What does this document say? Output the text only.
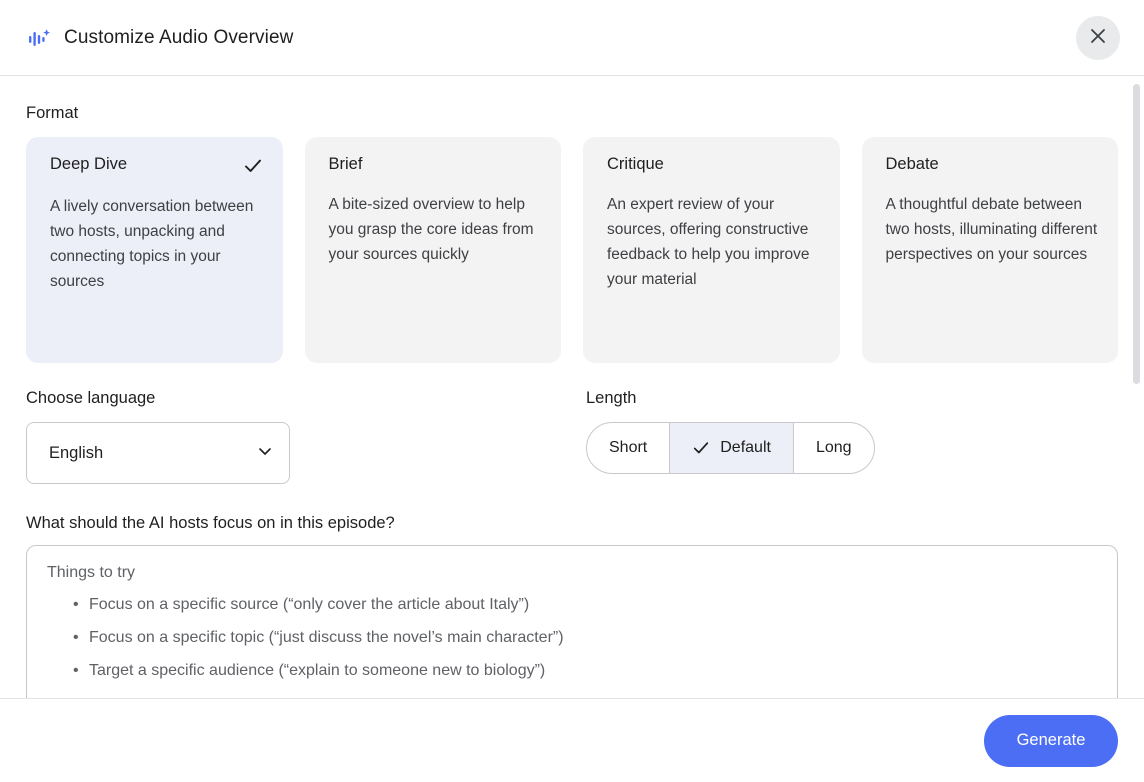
Customize Audio Overview
Format
Deep Dive
A lively conversation between two hosts, unpacking and connecting topics in your sources
Brief
A bite-sized overview to help you grasp the core ideas from your sources quickly
Critique
An expert review of your sources, offering constructive feedback to help you improve your material
Debate
A thoughtful debate between two hosts, illuminating different perspectives on your sources
Choose language
English
Length
Short	Default	Long
What should the AI hosts focus on in this episode?
Things to try
• Focus on a specific source (“only cover the article about Italy”)
• Focus on a specific topic (“just discuss the novel’s main character”)
• Target a specific audience (“explain to someone new to biology”)
Generate
